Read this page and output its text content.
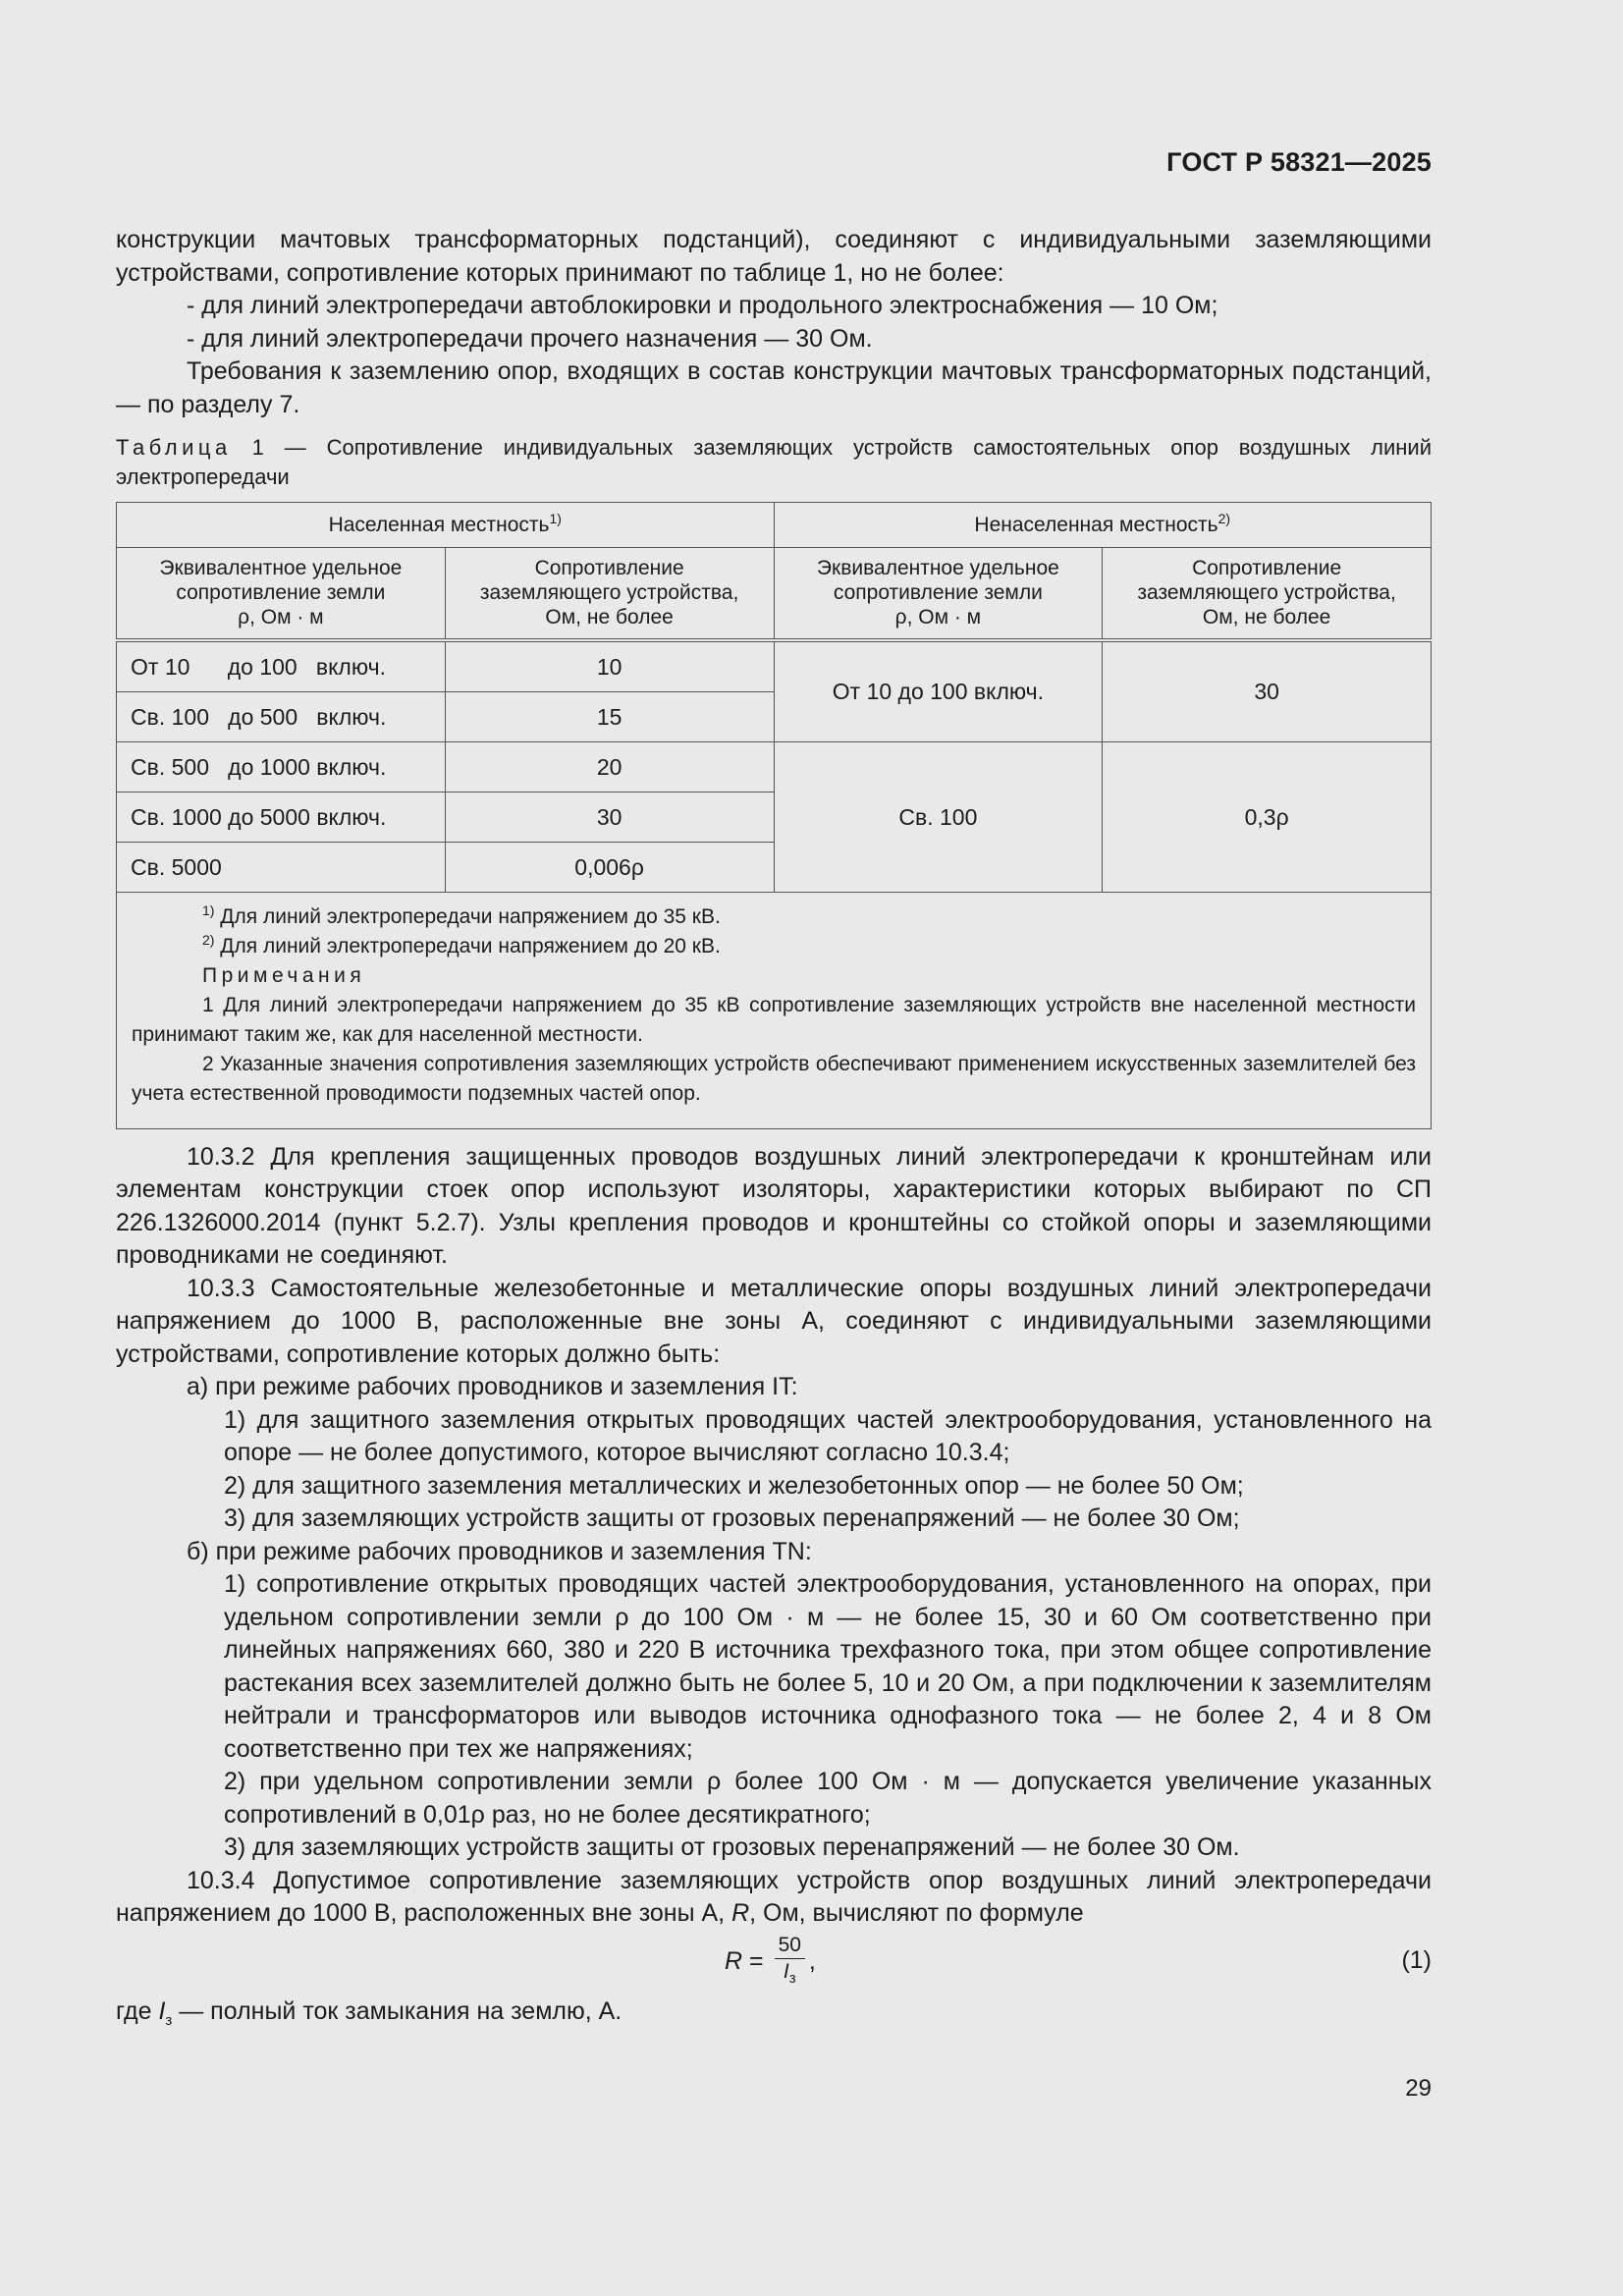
ГОСТ Р 58321—2025

конструкции мачтовых трансформаторных подстанций), соединяют с индивидуальными заземляющими устройствами, сопротивление которых принимают по таблице 1, но не более:

- для линий электропередачи автоблокировки и продольного электроснабжения — 10 Ом;

- для линий электропередачи прочего назначения — 30 Ом.

Требования к заземлению опор, входящих в состав конструкции мачтовых трансформаторных подстанций, — по разделу 7.

Таблица 1 — Сопротивление индивидуальных заземляющих устройств самостоятельных опор воздушных линий электропередачи

Населенная местность$^{1)}$		Ненаселенная местность$^{2)}$
Эквивалентное удельное
сопротивление земли
ρ, Ом · м	Сопротивление
заземляющего устройства,
Ом, не более	Эквивалентное удельное
сопротивление земли
ρ, Ом · м	Сопротивление
заземляющего устройства,
Ом, не более
От 10      до 100   включ.	10	От 10 до 100 включ.	30
Св. 100   до 500   включ.	15		
Св. 500   до 1000 включ.	20	Св. 100	0,3ρ
Св. 1000 до 5000 включ.	30		
Св. 5000	0,006ρ		

$^{1)}$ Для линий электропередачи напряжением до 35 кВ.
$^{2)}$ Для линий электропередачи напряжением до 20 кВ.
Примечания
1 Для линий электропередачи напряжением до 35 кВ сопротивление заземляющих устройств вне населенной местности принимают таким же, как для населенной местности.
2 Указанные значения сопротивления заземляющих устройств обеспечивают применением искусственных заземлителей без учета естественной проводимости подземных частей опор.			

10.3.2 Для крепления защищенных проводов воздушных линий электропередачи к кронштейнам или элементам конструкции стоек опор используют изоляторы, характеристики которых выбирают по СП 226.1326000.2014 (пункт 5.2.7). Узлы крепления проводов и кронштейны со стойкой опоры и заземляющими проводниками не соединяют.

10.3.3 Самостоятельные железобетонные и металлические опоры воздушных линий электропередачи напряжением до 1000 В, расположенные вне зоны А, соединяют с индивидуальными заземляющими устройствами, сопротивление которых должно быть:

а) при режиме рабочих проводников и заземления IT:

1) для защитного заземления открытых проводящих частей электрооборудования, установленного на опоре — не более допустимого, которое вычисляют согласно 10.3.4;

2) для защитного заземления металлических и железобетонных опор — не более 50 Ом;

3) для заземляющих устройств защиты от грозовых перенапряжений — не более 30 Ом;

б) при режиме рабочих проводников и заземления TN:

1) сопротивление открытых проводящих частей электрооборудования, установленного на опорах, при удельном сопротивлении земли ρ до 100 Ом · м — не более 15, 30 и 60 Ом соответственно при линейных напряжениях 660, 380 и 220 В источника трехфазного тока, при этом общее сопротивление растекания всех заземлителей должно быть не более 5, 10 и 20 Ом, а при подключении к заземлителям нейтрали и трансформаторов или выводов источника однофазного тока — не более 2, 4 и 8 Ом соответственно при тех же напряжениях;

2) при удельном сопротивлении земли ρ более 100 Ом · м — допускается увеличение указанных сопротивлений в 0,01ρ раз, но не более десятикратного;

3) для заземляющих устройств защиты от грозовых перенапряжений — не более 30 Ом.

10.3.4 Допустимое сопротивление заземляющих устройств опор воздушных линий электропередачи напряжением до 1000 В, расположенных вне зоны А, R, Ом, вычисляют по формуле

$R = \frac{50}{I_з}$ ,	(1)

где $I_з$ — полный ток замыкания на землю, А.

29
